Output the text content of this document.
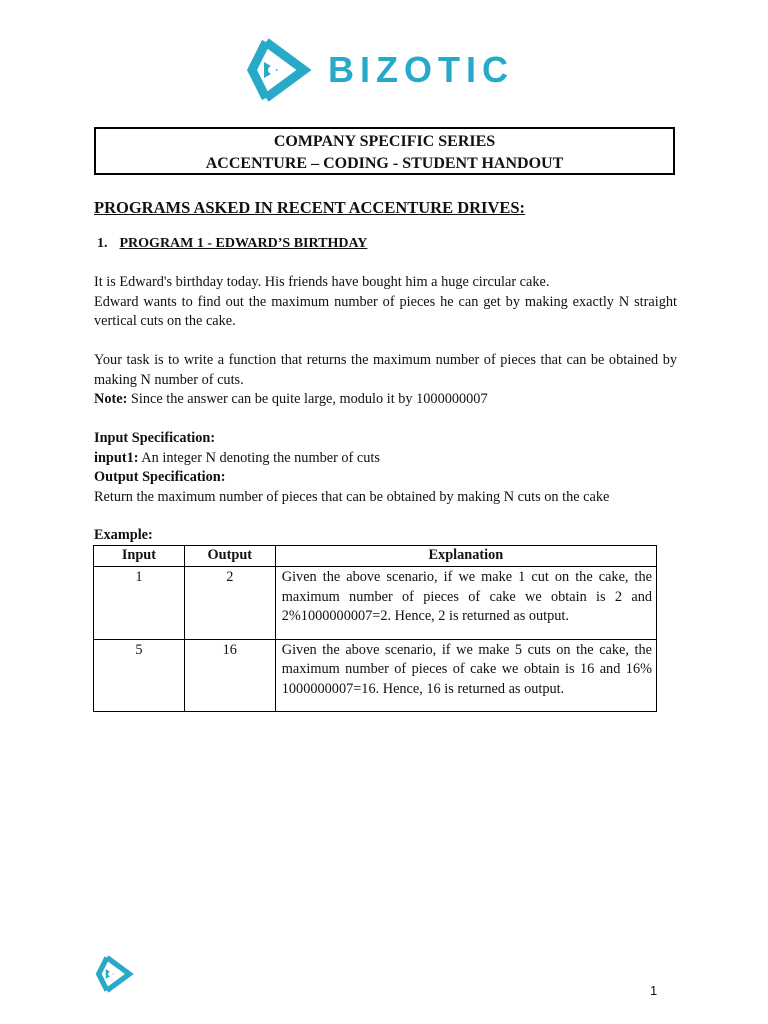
BIZOTIC
COMPANY SPECIFIC SERIES
ACCENTURE – CODING - STUDENT HANDOUT
PROGRAMS ASKED IN RECENT ACCENTURE DRIVES:
1. PROGRAM 1 - EDWARD’S BIRTHDAY
It is Edward's birthday today. His friends have bought him a huge circular cake.
Edward wants to find out the maximum number of pieces he can get by making exactly N straight vertical cuts on the cake.
Your task is to write a function that returns the maximum number of pieces that can be obtained by making N number of cuts.
Note: Since the answer can be quite large, modulo it by 1000000007
Input Specification:
input1: An integer N denoting the number of cuts
Output Specification:
Return the maximum number of pieces that can be obtained by making N cuts on the cake
Example:
Input	Output	Explanation
1	2	Given the above scenario, if we make 1 cut on the cake, the maximum number of pieces of cake we obtain is 2 and 2%1000000007=2. Hence, 2 is returned as output.
5	16	Given the above scenario, if we make 5 cuts on the cake, the maximum number of pieces of cake we obtain is 16 and 16% 1000000007=16. Hence, 16 is returned as output.
1
